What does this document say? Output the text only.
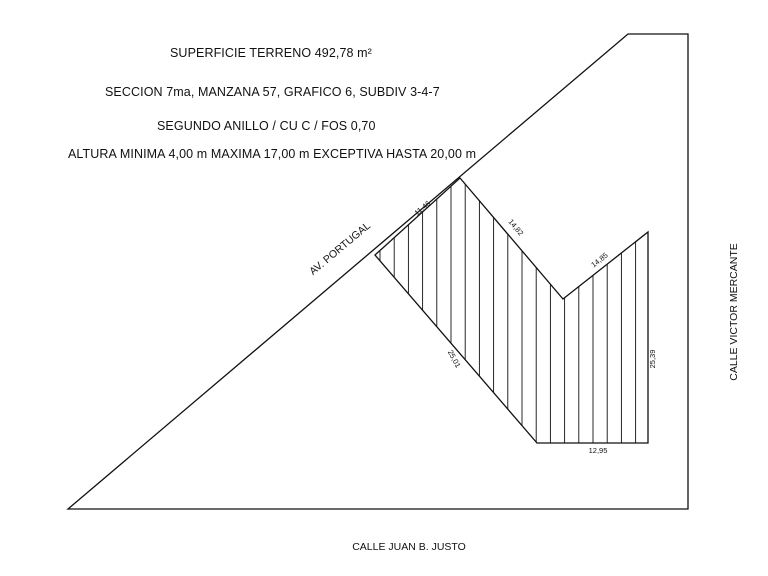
SUPERFICIE TERRENO 492,78 m²
SECCION 7ma, MANZANA 57, GRAFICO 6, SUBDIV 3-4-7
SEGUNDO ANILLO / CU C / FOS 0,70
ALTURA MINIMA 4,00 m MAXIMA 17,00 m EXCEPTIVA HASTA 20,00 m
AV. PORTUGAL	CALLE VICTOR MERCANTE
CALLE JUAN B. JUSTO
11,46
14,82
14,85
25,39
12,95
25,01
